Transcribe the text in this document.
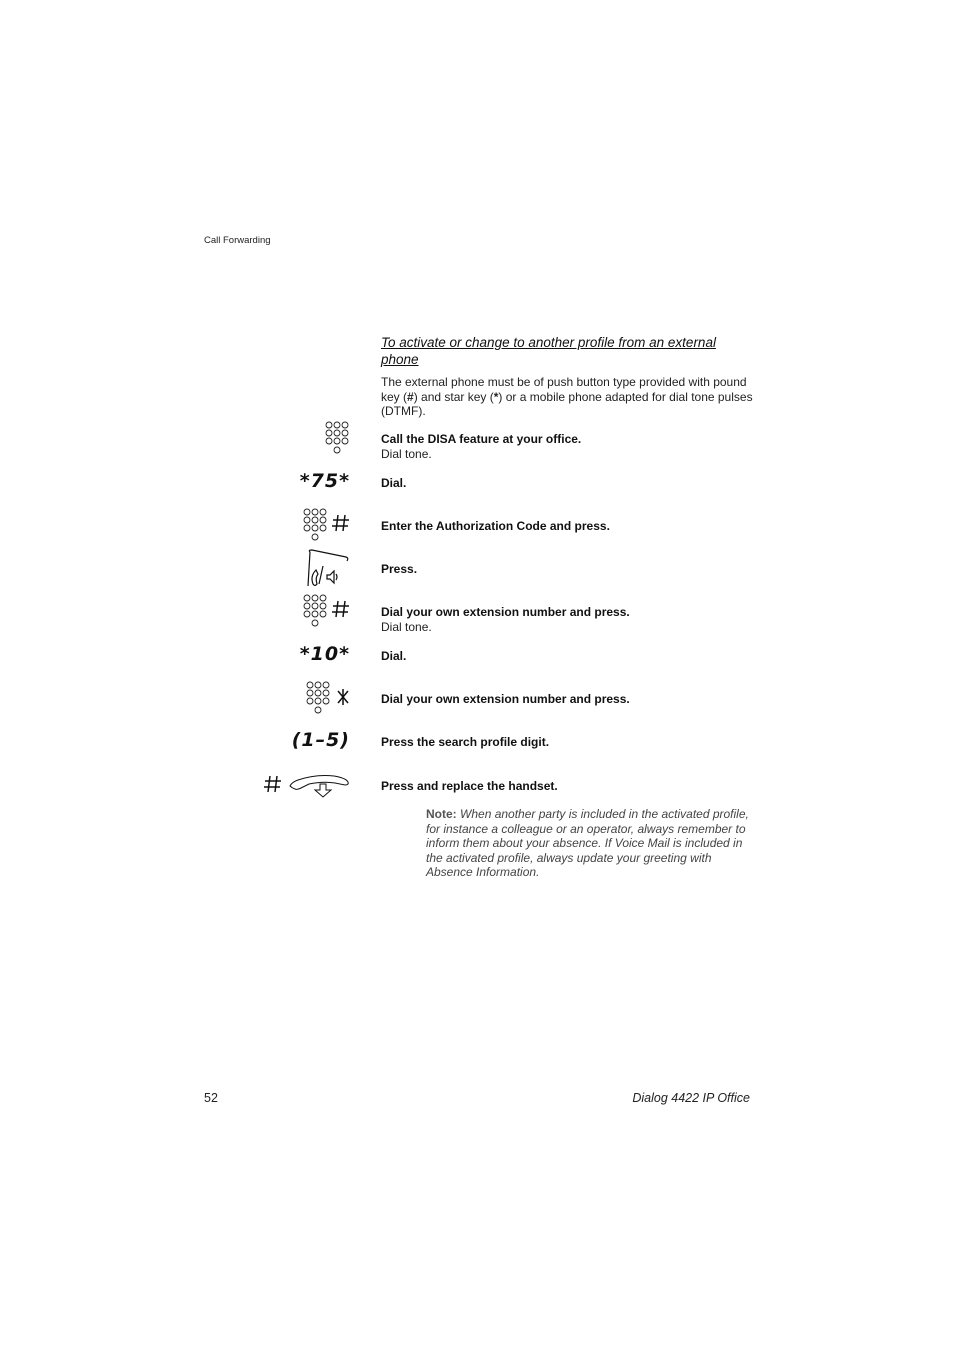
Call Forwarding
To activate or change to another profile from an external phone
The external phone must be of push button type provided with pound key (#) and star key (*) or a mobile phone adapted for dial tone pulses (DTMF).
Call the DISA feature at your office.
Dial tone.
*75*	Dial.
Enter the Authorization Code and press.
Press.
Dial your own extension number and press.
Dial tone.
*10*	Dial.
Dial your own extension number and press.
(1–5)	Press the search profile digit.
Press and replace the handset.
Note: When another party is included in the activated profile, for instance a colleague or an operator, always remember to inform them about your absence. If Voice Mail is included in the activated profile, always update your greeting with Absence Information.
52	Dialog 4422 IP Office
